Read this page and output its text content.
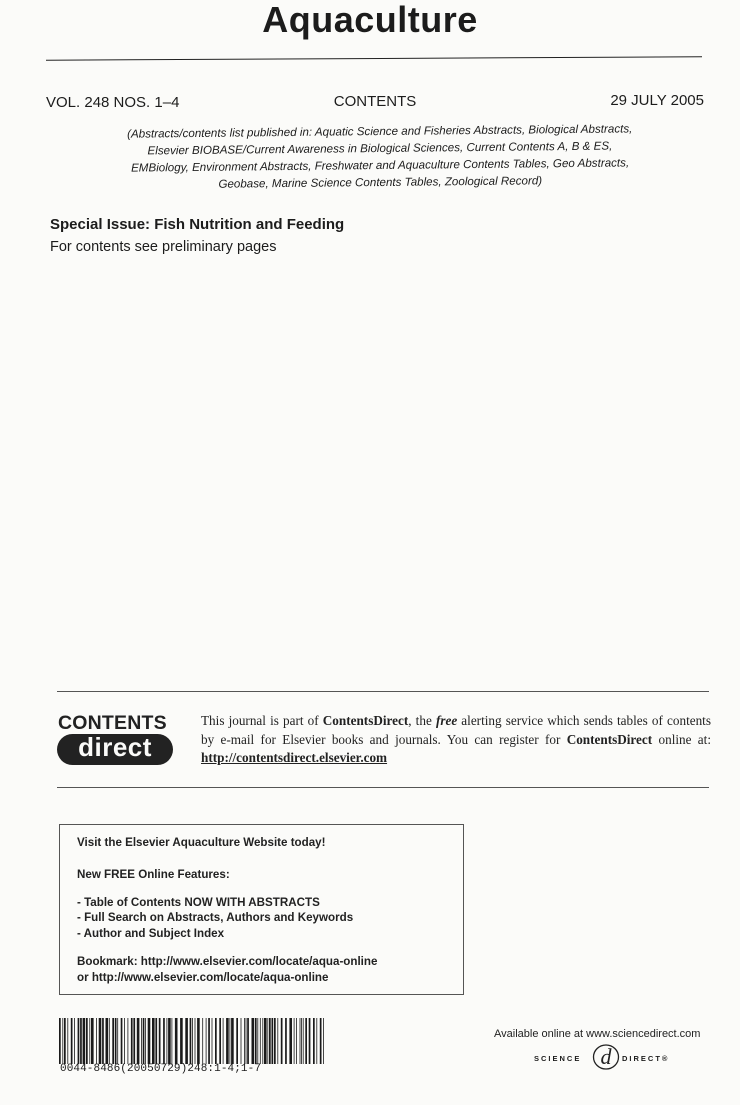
Aquaculture
VOL. 248 NOS. 1–4	CONTENTS	29 JULY 2005
(Abstracts/contents list published in: Aquatic Science and Fisheries Abstracts, Biological Abstracts,
Elsevier BIOBASE/Current Awareness in Biological Sciences, Current Contents A, B & ES,
EMBiology, Environment Abstracts, Freshwater and Aquaculture Contents Tables, Geo Abstracts,
Geobase, Marine Science Contents Tables, Zoological Record)
Special Issue: Fish Nutrition and Feeding
For contents see preliminary pages
CONTENTS
direct
This journal is part of ContentsDirect, the free alerting service which sends tables of contents by e-mail for Elsevier books and journals. You can register for ContentsDirect online at: http://contentsdirect.elsevier.com
Visit the Elsevier Aquaculture Website today!
New FREE Online Features:
- Table of Contents NOW WITH ABSTRACTS
- Full Search on Abstracts, Authors and Keywords
- Author and Subject Index
Bookmark: http://www.elsevier.com/locate/aqua-online
or http://www.elsevier.com/locate/aqua-online
0044-8486(20050729)248:1-4;1-7
Available online at www.sciencedirect.com
SCIENCE d DIRECT®
